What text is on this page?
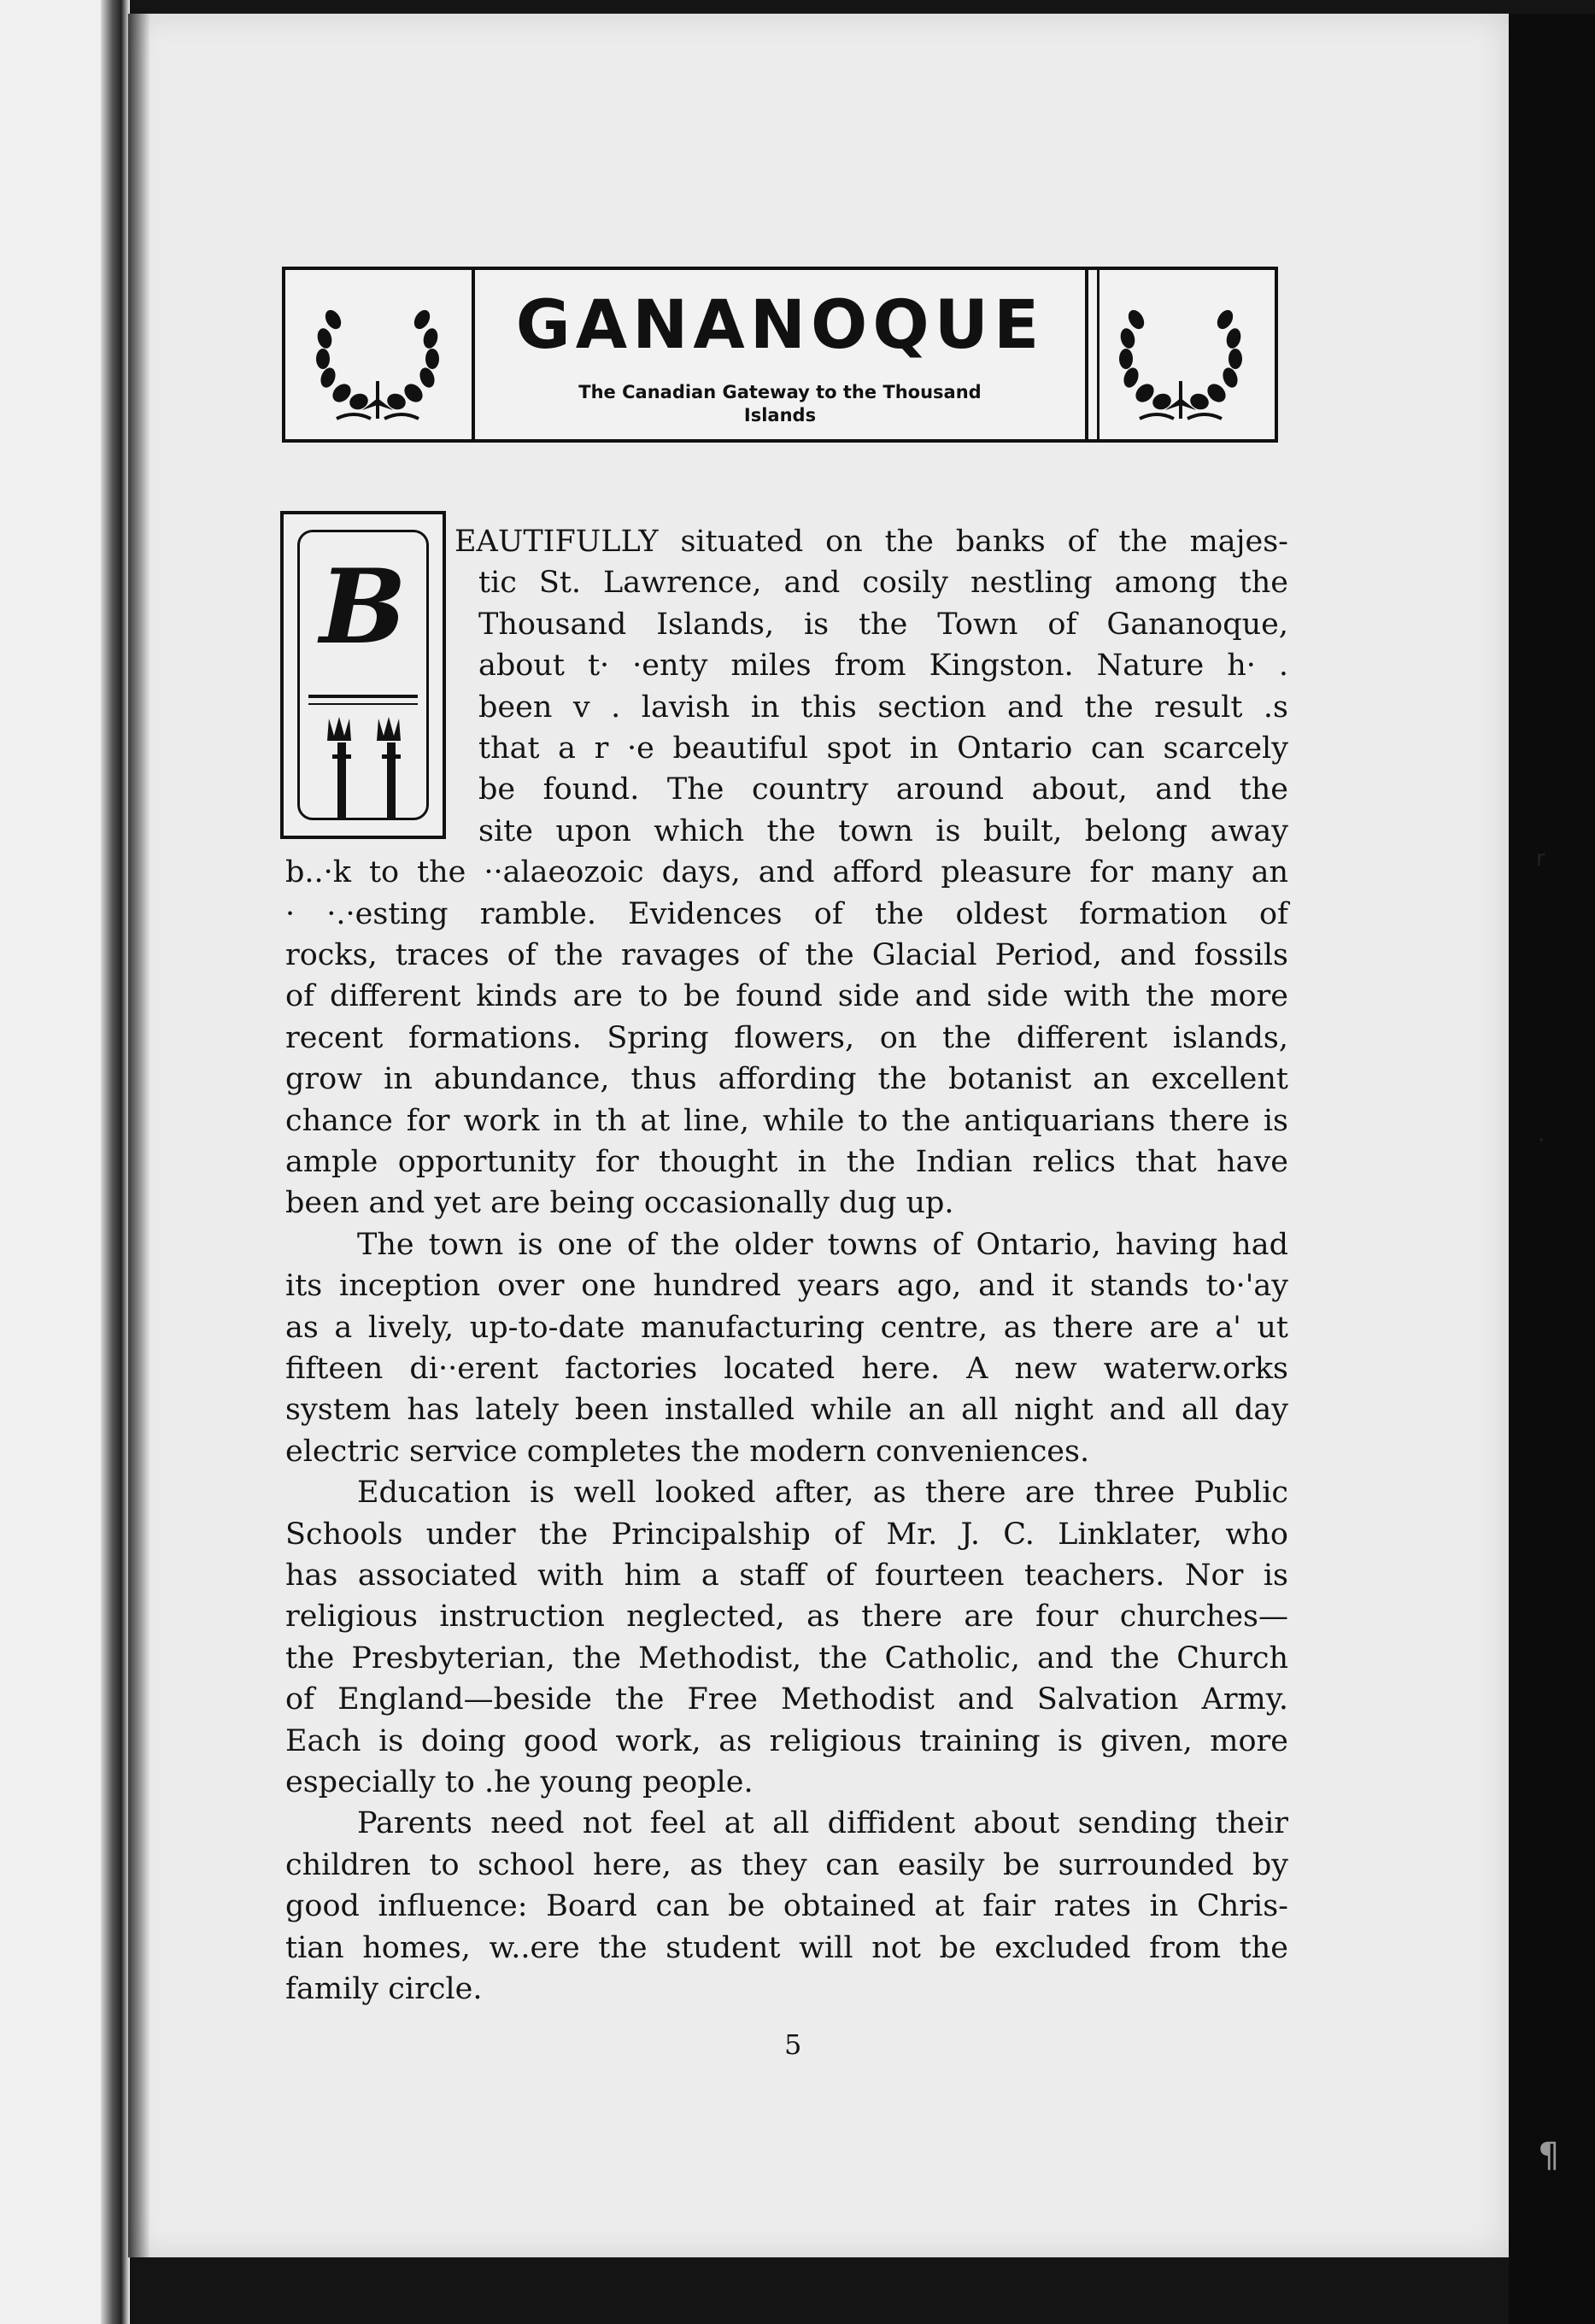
GANANOQUE
The Canadian Gateway to the Thousand Islands
B
EAUTIFULLY situated on the banks of the majes-
tic St. Lawrence, and cosily nestling among the
Thousand Islands, is the Town of Gananoque,
about t· ·enty miles from Kingston. Nature h· .
been v . lavish in this section and the result .s
that a r ·e beautiful spot in Ontario can scarcely
be found. The country around about, and the
site upon which the town is built, belong away
b..·k to the ··alaeozoic days, and afford pleasure for many an
· ·.·esting ramble. Evidences of the oldest formation of
rocks, traces of the ravages of the Glacial Period, and fossils
of different kinds are to be found side and side with the more
recent formations. Spring flowers, on the different islands,
grow in abundance, thus affording the botanist an excellent
chance for work in th at line, while to the antiquarians there is
ample opportunity for thought in the Indian relics that have
been and yet are being occasionally dug up.
The town is one of the older towns of Ontario, having had
its inception over one hundred years ago, and it stands to·'ay
as a lively, up-to-date manufacturing centre, as there are a' ut
fifteen di··erent factories located here. A new waterw.orks
system has lately been installed while an all night and all day
electric service completes the modern conveniences.
Education is well looked after, as there are three Public
Schools under the Principalship of Mr. J. C. Linklater, who
has associated with him a staff of fourteen teachers. Nor is
religious instruction neglected, as there are four churches—
the Presbyterian, the Methodist, the Catholic, and the Church
of England—beside the Free Methodist and Salvation Army.
Each is doing good work, as religious training is given, more
especially to .he young people.
Parents need not feel at all diffident about sending their
children to school here, as they can easily be surrounded by
good influence: Board can be obtained at fair rates in Chris-
tian homes, w..ere the student will not be excluded from the
family circle.
5
r
·
¶
